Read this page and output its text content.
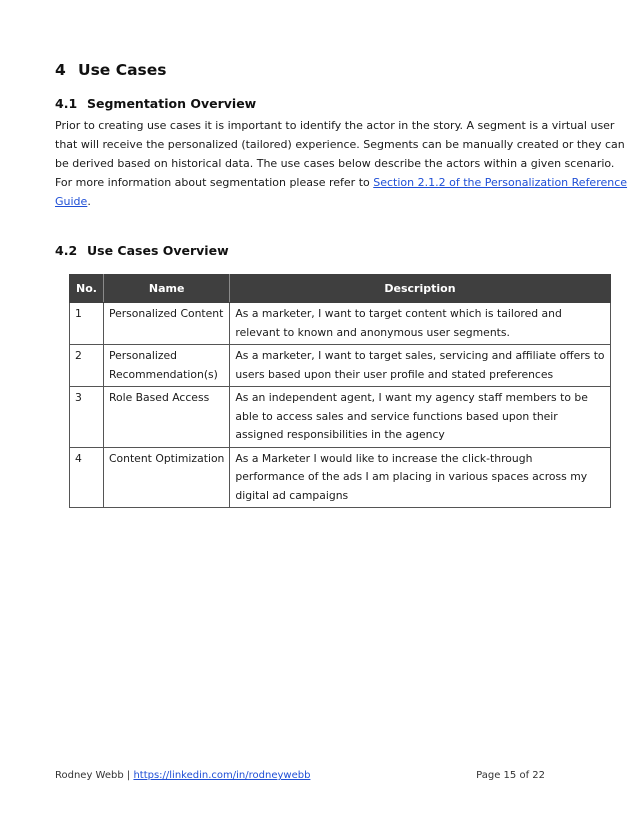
4 Use Cases
4.1 Segmentation Overview
Prior to creating use cases it is important to identify the actor in the story. A segment is a virtual user
that will receive the personalized (tailored) experience. Segments can be manually created or they can
be derived based on historical data. The use cases below describe the actors within a given scenario.
For more information about segmentation please refer to Section 2.1.2 of the Personalization Reference
Guide.
4.2 Use Cases Overview
No.	Name	Description
1	Personalized Content	As a marketer, I want to target content which is tailored and
relevant to known and anonymous user segments.

2	Personalized
Recommendation(s)	As a marketer, I want to target sales, servicing and affiliate offers to
users based upon their user profile and stated preferences

3	Role Based Access	As an independent agent, I want my agency staff members to be
able to access sales and service functions based upon their
assigned responsibilities in the agency

4	Content Optimization	As a Marketer I would like to increase the click-through
performance of the ads I am placing in various spaces across my
digital ad campaigns
Rodney Webb | https://linkedin.com/in/rodneywebb	Page 15 of 22
